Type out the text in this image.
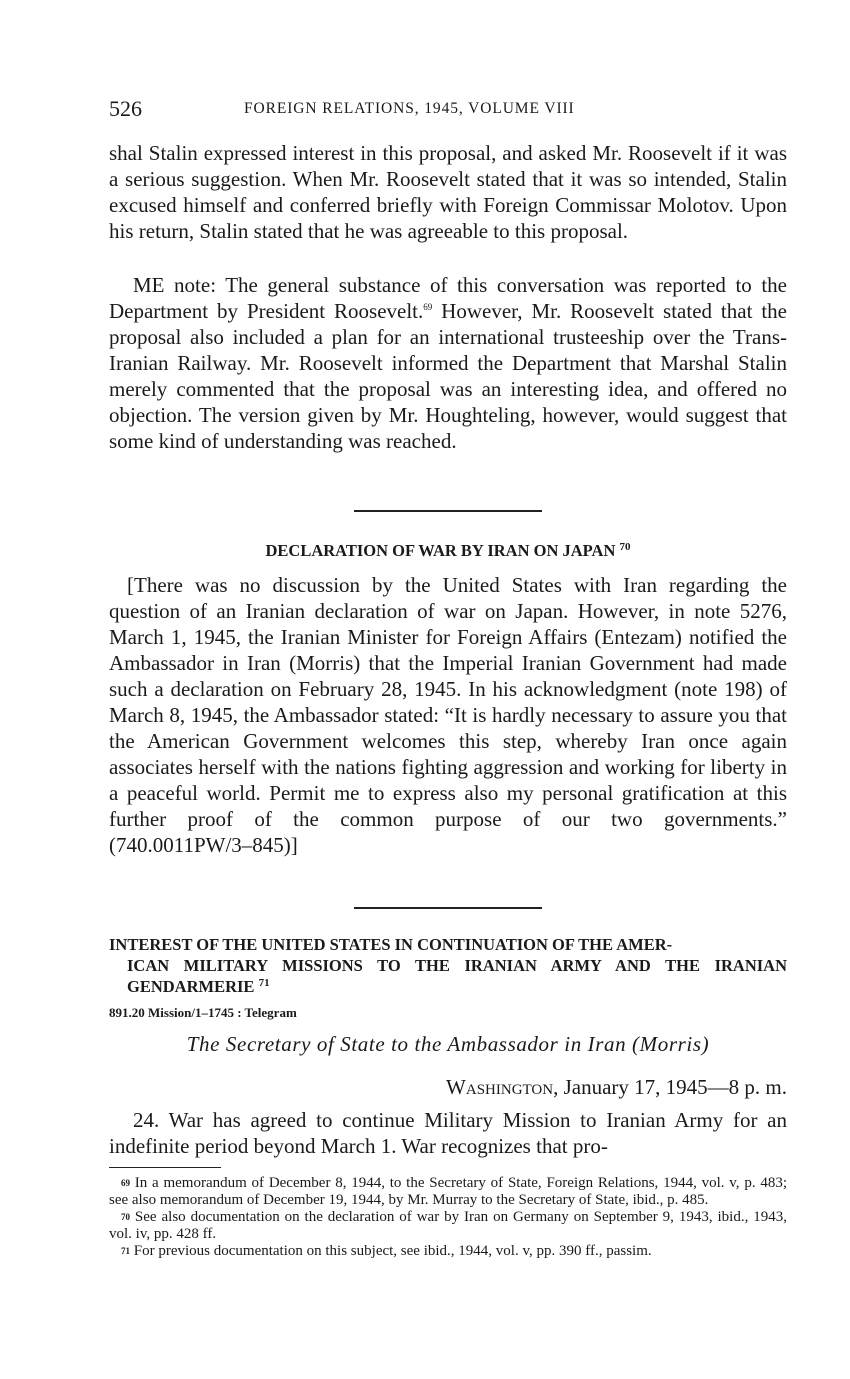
526	FOREIGN RELATIONS, 1945, VOLUME VIII

shal Stalin expressed interest in this proposal, and asked Mr. Roosevelt if it was a serious suggestion. When Mr. Roosevelt stated that it was so intended, Stalin excused himself and conferred briefly with Foreign Commissar Molotov. Upon his return, Stalin stated that he was agreeable to this proposal.

ME note: The general substance of this conversation was reported to the Department by President Roosevelt.$^{69}$ However, Mr. Roosevelt stated that the proposal also included a plan for an international trusteeship over the Trans-Iranian Railway. Mr. Roosevelt informed the Department that Marshal Stalin merely commented that the proposal was an interesting idea, and offered no objection. The version given by Mr. Houghteling, however, would suggest that some kind of understanding was reached.

DECLARATION OF WAR BY IRAN ON JAPAN $^{70}$

[There was no discussion by the United States with Iran regarding the question of an Iranian declaration of war on Japan. However, in note 5276, March 1, 1945, the Iranian Minister for Foreign Affairs (Entezam) notified the Ambassador in Iran (Morris) that the Imperial Iranian Government had made such a declaration on February 28, 1945. In his acknowledgment (note 198) of March 8, 1945, the Ambassador stated: “It is hardly necessary to assure you that the American Government welcomes this step, whereby Iran once again associates herself with the nations fighting aggression and working for liberty in a peaceful world. Permit me to express also my personal gratification at this further proof of the common purpose of our two governments.” (740.0011PW/3–845)]

INTEREST OF THE UNITED STATES IN CONTINUATION OF THE AMER-
ICAN MILITARY MISSIONS TO THE IRANIAN ARMY AND THE IRANIAN GENDARMERIE $^{71}$
891.20 Mission/1–1745 : Telegram
The Secretary of State to the Ambassador in Iran (Morris)
Washington, January 17, 1945—8 p. m.

24. War has agreed to continue Military Mission to Iranian Army for an indefinite period beyond March 1. War recognizes that pro-

$^{69}$ In a memorandum of December 8, 1944, to the Secretary of State, Foreign Relations, 1944, vol. v, p. 483; see also memorandum of December 19, 1944, by Mr. Murray to the Secretary of State, ibid., p. 485.

$^{70}$ See also documentation on the declaration of war by Iran on Germany on September 9, 1943, ibid., 1943, vol. iv, pp. 428 ff.

$^{71}$ For previous documentation on this subject, see ibid., 1944, vol. v, pp. 390 ff., passim.
